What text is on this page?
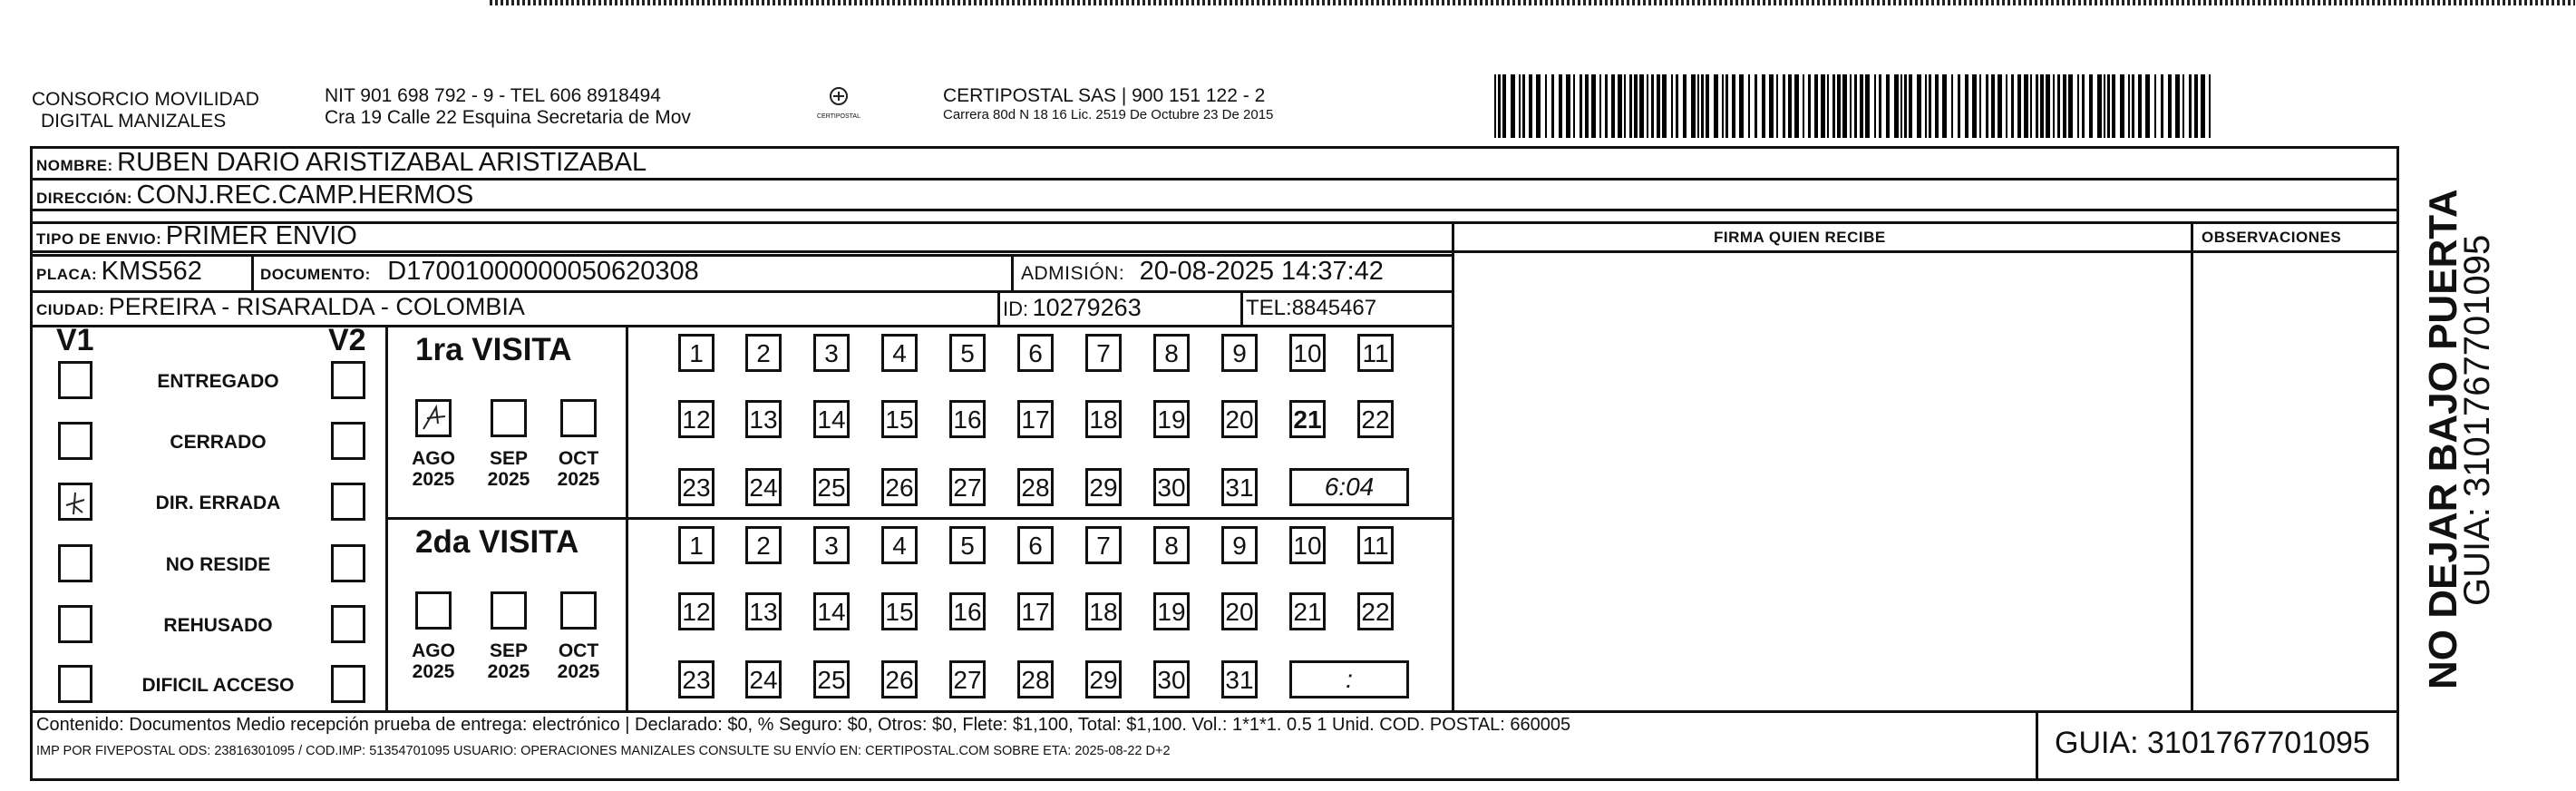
CONSORCIO MOVILIDAD
DIGITAL MANIZALES
NIT 901 698 792 - 9 - TEL 606 8918494
Cra 19 Calle 22 Esquina Secretaria de Mov	CERTIPOSTAL
CERTIPOSTAL SAS | 900 151 122 - 2
Carrera 80d N 18 16 Lic. 2519 De Octubre 23 De 2015
NOMBRE: RUBEN DARIO ARISTIZABAL ARISTIZABAL
DIRECCIÓN: CONJ.REC.CAMP.HERMOS
TIPO DE ENVIO: PRIMER ENVIO	FIRMA QUIEN RECIBE	OBSERVACIONES
PLACA: KMS562	DOCUMENTO: D17001000000050620308	ADMISIÓN: 20-08-2025 14:37:42
CIUDAD: PEREIRA - RISARALDA - COLOMBIA	ID: 10279263	TEL:8845467
V1	V2
ENTREGADO
CERRADO
DIR. ERRADA
NO RESIDE
REHUSADO
DIFICIL ACCESO
1ra VISITA
2da VISITA
AGO
2025
SEP
2025
OCT
2025
AGO
2025
SEP
2025
OCT
2025
1	2	3	4	5	6	7	8	9	10 11
12 13 14 15 16 17 18 19 20 21 22
23 24 25 26 27 28 29 30 31	6:04
1	2	3	4	5	6	7	8	9	10 11
12 13 14 15 16 17 18 19 20 21 22
23 24 25 26 27 28 29 30 31	:
Contenido: Documentos Medio recepción prueba de entrega: electrónico | Declarado: $0, % Seguro: $0, Otros: $0, Flete: $1,100, Total: $1,100. Vol.: 1*1*1. 0.5 1 Unid. COD. POSTAL: 660005
IMP POR FIVEPOSTAL ODS: 23816301095 / COD.IMP: 51354701095 USUARIO: OPERACIONES MANIZALES CONSULTE SU ENVÍO EN: CERTIPOSTAL.COM SOBRE ETA: 2025-08-22 D+2	GUIA: 3101767701095
NO DEJAR BAJO PUERTA
GUIA: 3101767701095
